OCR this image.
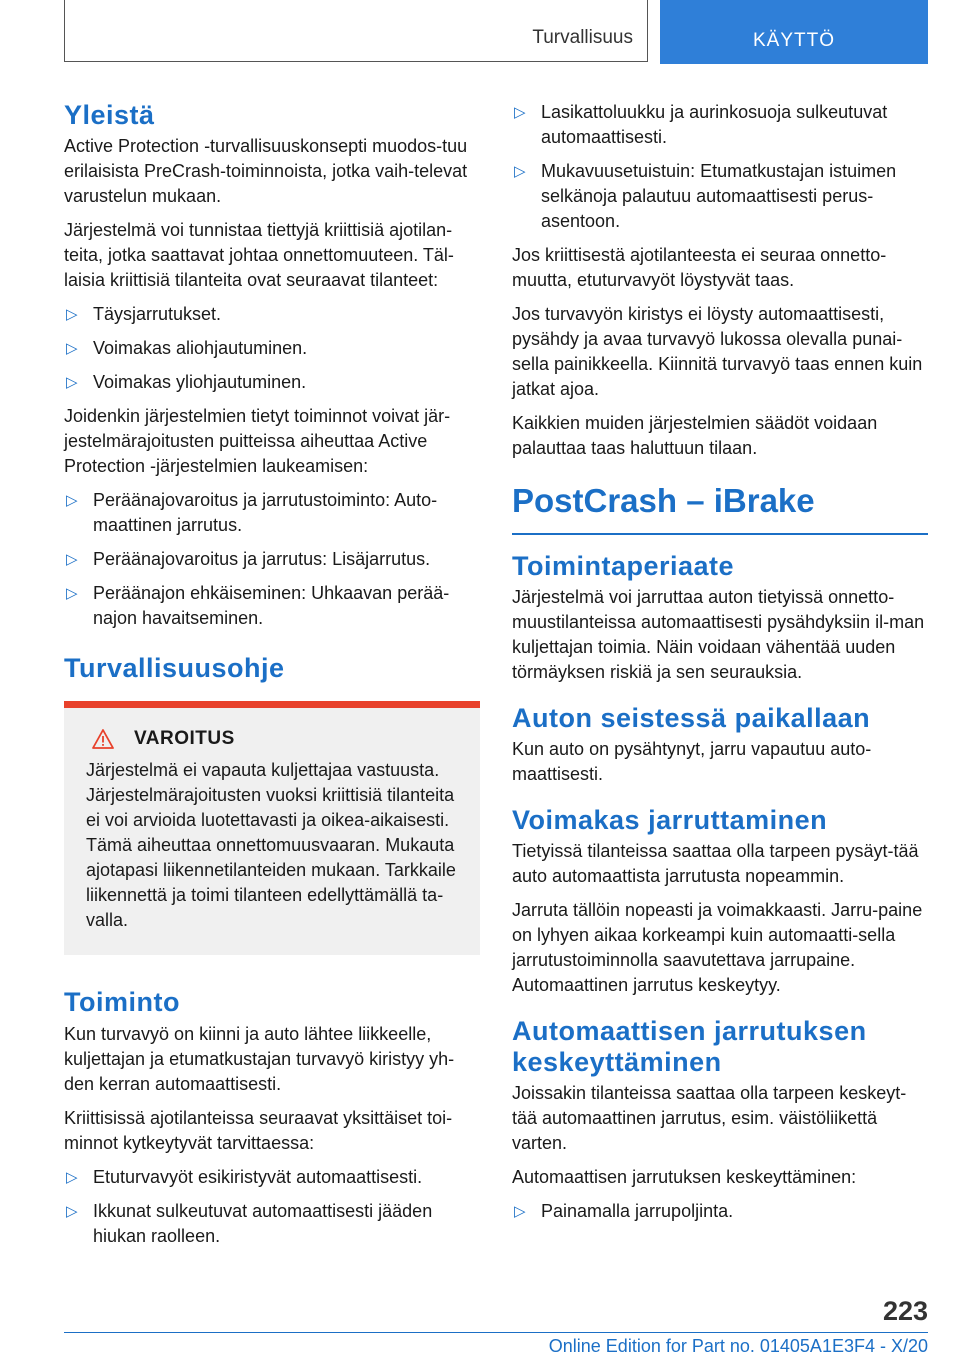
Turvallisuus	KÄYTTÖ
Yleistä

Active Protection -turvallisuuskonsepti muodos-tuu erilaisista PreCrash-toiminnoista, jotka vaih-televat varustelun mukaan.

Järjestelmä voi tunnistaa tiettyjä kriittisiä ajotilan-teita, jotka saattavat johtaa onnettomuuteen. Täl-laisia kriittisiä tilanteita ovat seuraavat tilanteet:

▷ Täysjarrutukset.
▷ Voimakas aliohjautuminen.
▷ Voimakas yliohjautuminen.

Joidenkin järjestelmien tietyt toiminnot voivat jär-jestelmärajoitusten puitteissa aiheuttaa Active Protection -järjestelmien laukeamisen:

▷ Peräänajovaroitus ja jarrutustoiminto: Auto-maattinen jarrutus.
▷ Peräänajovaroitus ja jarrutus: Lisäjarrutus.
▷ Peräänajon ehkäiseminen: Uhkaavan perää-najon havaitseminen.
Turvallisuusohje
VAROITUS

Järjestelmä ei vapauta kuljettajaa vastuusta. Järjestelmärajoitusten vuoksi kriittisiä tilanteita ei voi arvioida luotettavasti ja oikea-aikaisesti. Tämä aiheuttaa onnettomuusvaaran. Mukauta ajotapasi liikennetilanteiden mukaan. Tarkkaile liikennettä ja toimi tilanteen edellyttämällä ta-valla.

Toiminto

Kun turvavyö on kiinni ja auto lähtee liikkeelle, kuljettajan ja etumatkustajan turvavyö kiristyy yh-den kerran automaattisesti.

Kriittisissä ajotilanteissa seuraavat yksittäiset toi-minnot kytkeytyvät tarvittaessa:

▷ Etuturvavyöt esikiristyvät automaattisesti.
▷ Ikkunat sulkeutuvat automaattisesti jääden hiukan raolleen.
▷ Lasikattoluukku ja aurinkosuoja sulkeutuvat automaattisesti.
▷ Mukavuusetuistuin: Etumatkustajan istuimen selkänoja palautuu automaattisesti perus-asentoon.

Jos kriittisestä ajotilanteesta ei seuraa onnetto-muutta, etuturvavyöt löystyvät taas.

Jos turvavyön kiristys ei löysty automaattisesti, pysähdy ja avaa turvavyö lukossa olevalla punai-sella painikkeella. Kiinnitä turvavyö taas ennen kuin jatkat ajoa.

Kaikkien muiden järjestelmien säädöt voidaan palauttaa taas haluttuun tilaan.

PostCrash – iBrake
Toimintaperiaate

Järjestelmä voi jarruttaa auton tietyissä onnetto-muustilanteissa automaattisesti pysähdyksiin il-man kuljettajan toimia. Näin voidaan vähentää uuden törmäyksen riskiä ja sen seurauksia.

Auton seistessä paikallaan

Kun auto on pysähtynyt, jarru vapautuu auto-maattisesti.

Voimakas jarruttaminen

Tietyissä tilanteissa saattaa olla tarpeen pysäyt-tää auto automaattista jarrutusta nopeammin.

Jarruta tällöin nopeasti ja voimakkaasti. Jarru-paine on lyhyen aikaa korkeampi kuin automaatti-sella jarrutustoiminnolla saavutettava jarrupaine. Automaattinen jarrutus keskeytyy.

Automaattisen jarrutuksen keskeyttäminen

Joissakin tilanteissa saattaa olla tarpeen keskeyt-tää automaattinen jarrutus, esim. väistöliikettä varten.

Automaattisen jarrutuksen keskeyttäminen:

▷ Painamalla jarrupoljinta.
223
Online Edition for Part no. 01405A1E3F4 - X/20
